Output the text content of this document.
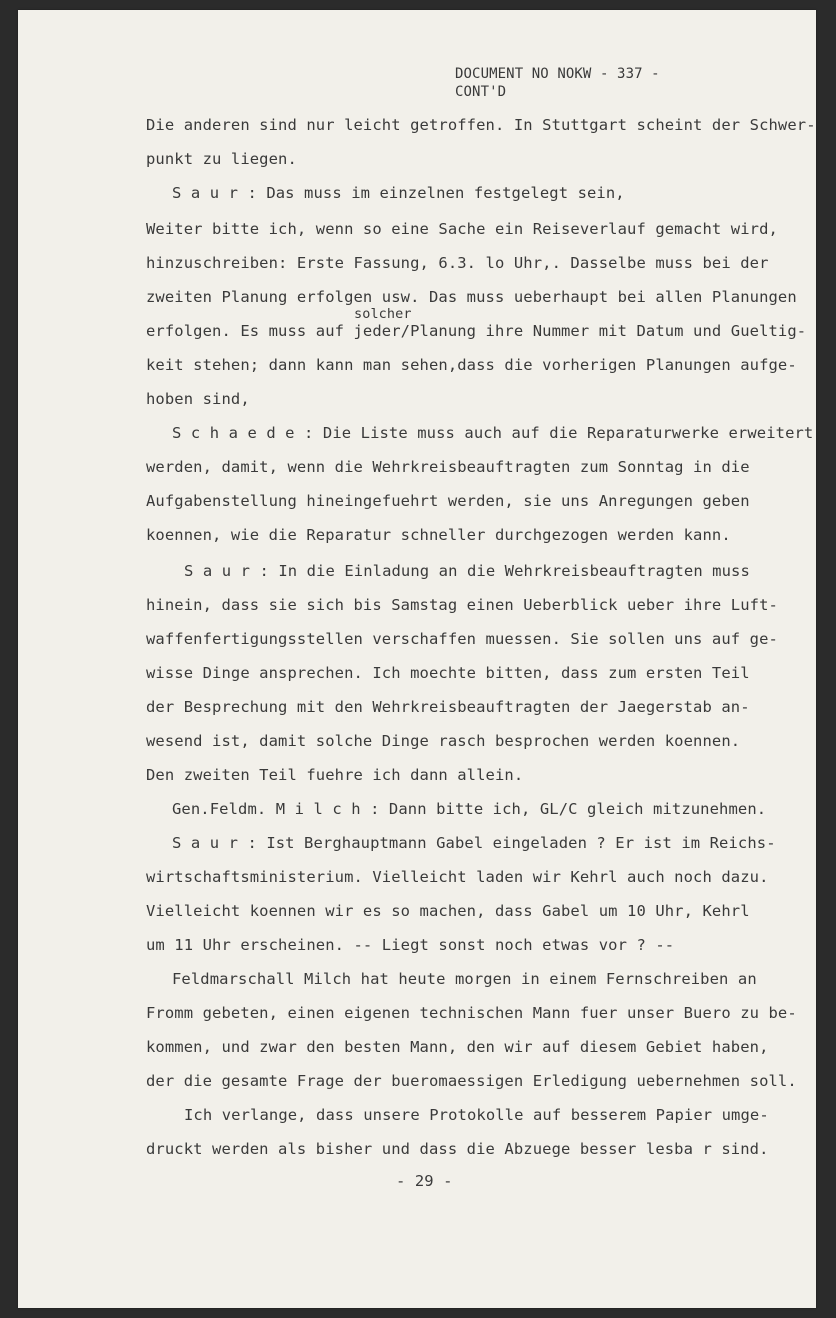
DOCUMENT NO NOKW - 337 -
CONT'D
Die anderen sind nur leicht getroffen. In Stuttgart scheint der Schwer-
punkt zu liegen.
S a u r : Das muss im einzelnen festgelegt sein,
Weiter bitte ich, wenn so eine Sache ein Reiseverlauf gemacht wird,
hinzuschreiben: Erste Fassung, 6.3. lo Uhr,. Dasselbe muss bei der
zweiten Planung erfolgen usw. Das muss ueberhaupt bei allen Planungen
solcher
erfolgen. Es muss auf jeder/Planung ihre Nummer mit Datum und Gueltig-
keit stehen; dann kann man sehen,dass die vorherigen Planungen aufge-
hoben sind,
S c h a e d e : Die Liste muss auch auf die Reparaturwerke erweitert
werden, damit, wenn die Wehrkreisbeauftragten zum Sonntag in die
Aufgabenstellung hineingefuehrt werden, sie uns Anregungen geben
koennen, wie die Reparatur schneller durchgezogen werden kann.
S a u r : In die Einladung an die Wehrkreisbeauftragten muss
hinein, dass sie sich bis Samstag einen Ueberblick ueber ihre Luft-
waffenfertigungsstellen verschaffen muessen. Sie sollen uns auf ge-
wisse Dinge ansprechen. Ich moechte bitten, dass zum ersten Teil
der Besprechung mit den Wehrkreisbeauftragten der Jaegerstab an-
wesend ist, damit solche Dinge rasch besprochen werden koennen.
Den zweiten Teil fuehre ich dann allein.
Gen.Feldm. M i l c h : Dann bitte ich, GL/C gleich mitzunehmen.
S a u r : Ist Berghauptmann Gabel eingeladen ? Er ist im Reichs-
wirtschaftsministerium. Vielleicht laden wir Kehrl auch noch dazu.
Vielleicht koennen wir es so machen, dass Gabel um 10 Uhr, Kehrl
um 11 Uhr erscheinen. -- Liegt sonst noch etwas vor ? --
Feldmarschall Milch hat heute morgen in einem Fernschreiben an
Fromm gebeten, einen eigenen technischen Mann fuer unser Buero zu be-
kommen, und zwar den besten Mann, den wir auf diesem Gebiet haben,
der die gesamte Frage der bueromaessigen Erledigung uebernehmen soll.
Ich verlange, dass unsere Protokolle auf besserem Papier umge-
druckt werden als bisher und dass die Abzuege besser lesba r sind.
- 29 -
